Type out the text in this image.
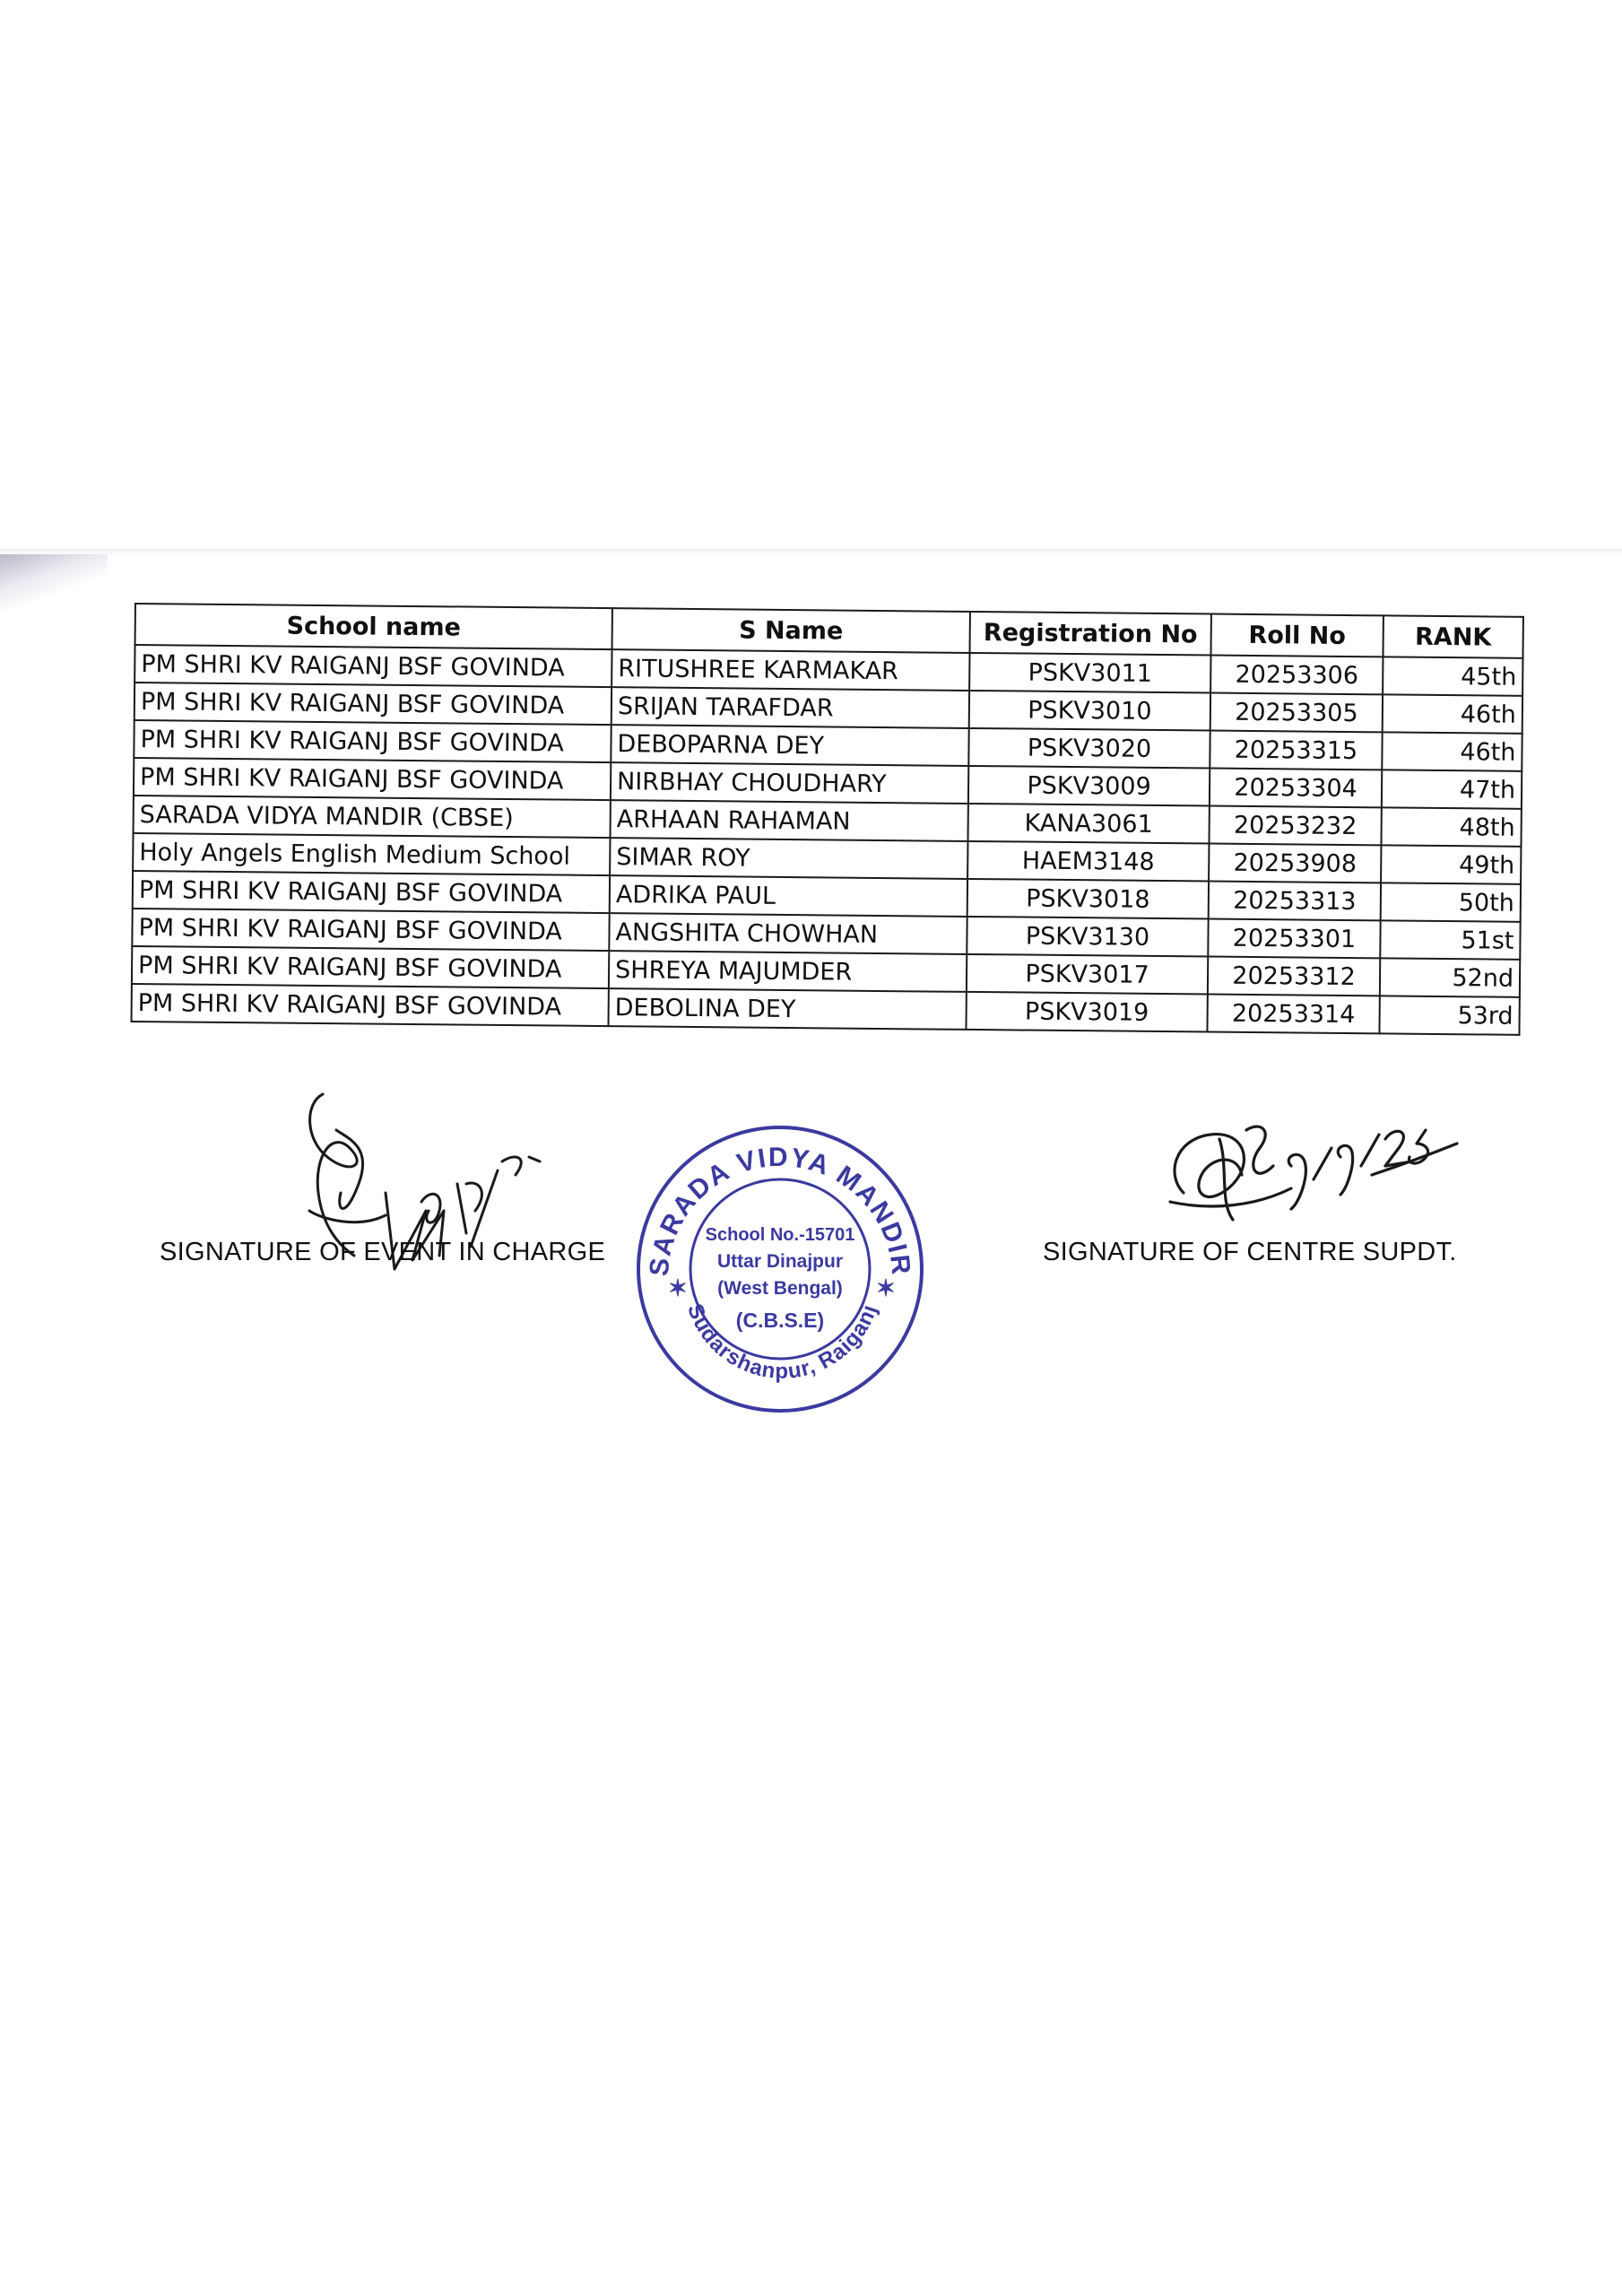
School name	S Name	Registration No	Roll No	RANK
PM SHRI KV RAIGANJ BSF GOVINDA	RITUSHREE KARMAKAR	PSKV3011	20253306	45th
PM SHRI KV RAIGANJ BSF GOVINDA	SRIJAN TARAFDAR	PSKV3010	20253305	46th
PM SHRI KV RAIGANJ BSF GOVINDA	DEBOPARNA DEY	PSKV3020	20253315	46th
PM SHRI KV RAIGANJ BSF GOVINDA	NIRBHAY CHOUDHARY	PSKV3009	20253304	47th
SARADA VIDYA MANDIR (CBSE)	ARHAAN RAHAMAN	KANA3061	20253232	48th
Holy Angels English Medium School	SIMAR ROY	HAEM3148	20253908	49th
PM SHRI KV RAIGANJ BSF GOVINDA	ADRIKA PAUL	PSKV3018	20253313	50th
PM SHRI KV RAIGANJ BSF GOVINDA	ANGSHITA CHOWHAN	PSKV3130	20253301	51st
PM SHRI KV RAIGANJ BSF GOVINDA	SHREYA MAJUMDER	PSKV3017	20253312	52nd
PM SHRI KV RAIGANJ BSF GOVINDA	DEBOLINA DEY	PSKV3019	20253314	53rd
SARADA VIDYA MANDIR
Sudarshanpur, Raiganj
✶	✶
School No.-15701
Uttar Dinajpur
(West Bengal)
(C.B.S.E)
SIGNATURE OF EVENT IN CHARGE	SIGNATURE OF CENTRE SUPDT.
